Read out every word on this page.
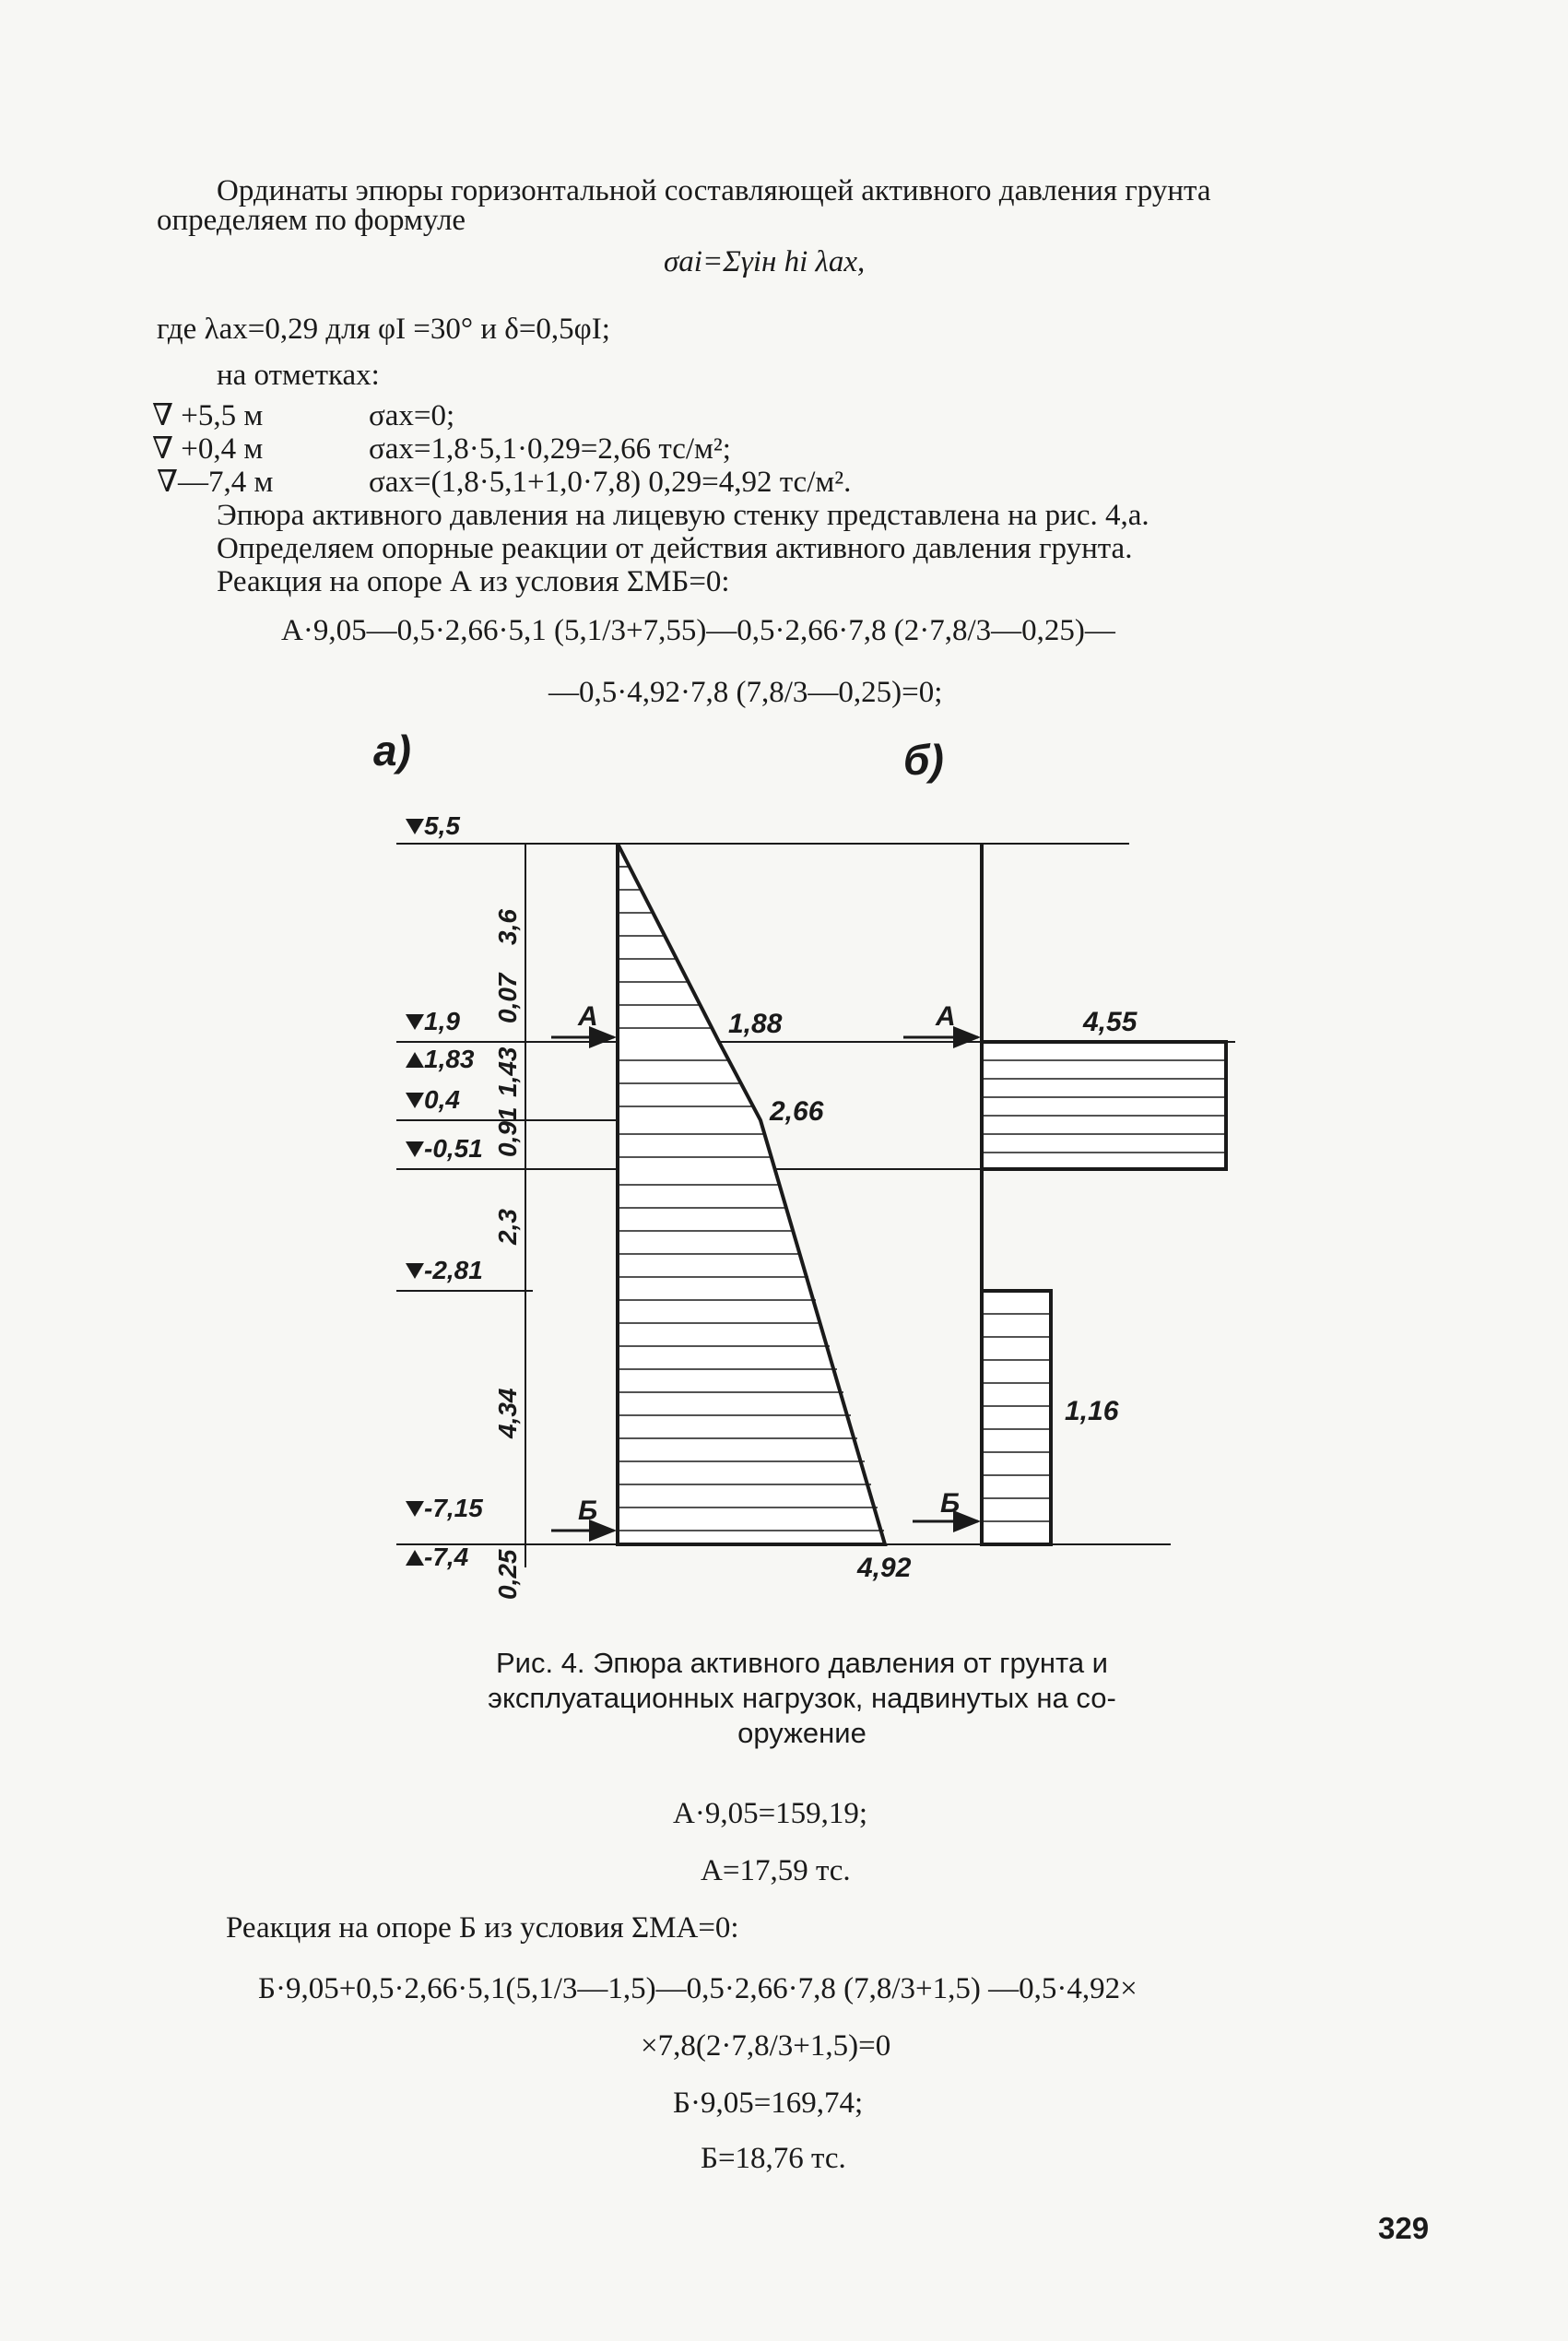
Ординаты эпюры горизонтальной составляющей активного давления грунта
определяем по формуле
σai=Σγiн hi λax,
где λax=0,29 для φI =30° и δ=0,5φI;
на отметках:
∇ +5,5 м	σax=0;
∇ +0,4 м	σax=1,8·5,1·0,29=2,66 тс/м²;
∇—7,4 м	σax=(1,8·5,1+1,0·7,8) 0,29=4,92 тс/м².
Эпюра активного давления на лицевую стенку представлена на рис. 4,а.
Определяем опорные реакции от действия активного давления грунта.
Реакция на опоре А из условия ΣMБ=0:
А·9,05—0,5·2,66·5,1 (5,1/3+7,55)—0,5·2,66·7,8 (2·7,8/3—0,25)—
—0,5·4,92·7,8 (7,8/3—0,25)=0;
а)	б)
3,6
0,07
1,43
0,91
2,3
4,34
0,25
5,5
1,9
1,83
0,4
-0,51
-2,81
-7,15
-7,4
А
Б
1,88
2,66
4,92
А
Б
4,55
1,16
Рис. 4. Эпюра активного давления от грунта и
эксплуатационных нагрузок, надвинутых на со-
оружение
А·9,05=159,19;
А=17,59 тс.
Реакция на опоре Б из условия ΣMА=0:
Б·9,05+0,5·2,66·5,1(5,1/3—1,5)—0,5·2,66·7,8 (7,8/3+1,5) —0,5·4,92×
×7,8(2·7,8/3+1,5)=0
Б·9,05=169,74;
Б=18,76 тс.
329
